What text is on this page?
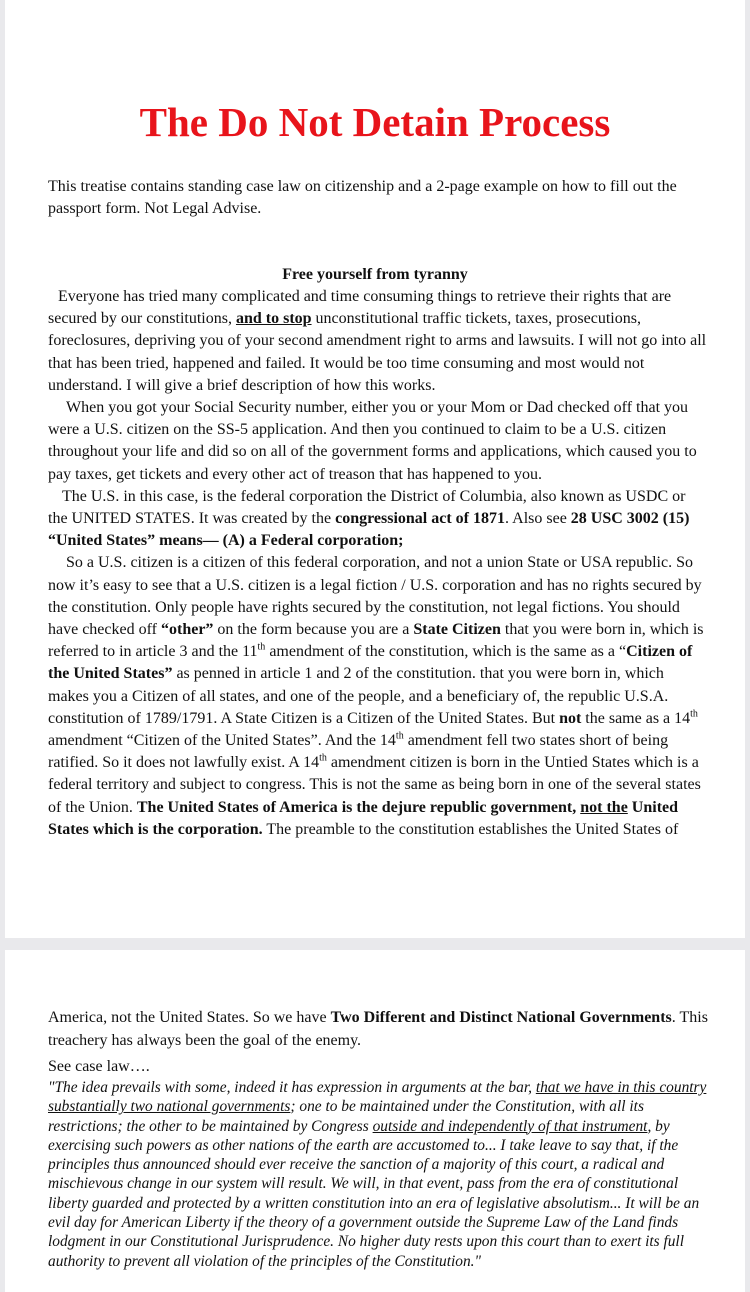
The Do Not Detain Process
This treatise contains standing case law on citizenship and a 2-page example on how to fill out the passport form. Not Legal Advise.
Free yourself from tyranny

Everyone has tried many complicated and time consuming things to retrieve their rights that are secured by our constitutions, and to stop unconstitutional traffic tickets, taxes, prosecutions, foreclosures, depriving you of your second amendment right to arms and lawsuits. I will not go into all that has been tried, happened and failed. It would be too time consuming and most would not understand. I will give a brief description of how this works.

When you got your Social Security number, either you or your Mom or Dad checked off that you were a U.S. citizen on the SS-5 application. And then you continued to claim to be a U.S. citizen throughout your life and did so on all of the government forms and applications, which caused you to pay taxes, get tickets and every other act of treason that has happened to you.

The U.S. in this case, is the federal corporation the District of Columbia, also known as USDC or the UNITED STATES. It was created by the congressional act of 1871. Also see 28 USC 3002 (15) “United States” means— (A) a Federal corporation;

So a U.S. citizen is a citizen of this federal corporation, and not a union State or USA republic. So now it’s easy to see that a U.S. citizen is a legal fiction / U.S. corporation and has no rights secured by the constitution. Only people have rights secured by the constitution, not legal fictions. You should have checked off “other” on the form because you are a State Citizen that you were born in, which is referred to in article 3 and the 11th amendment of the constitution, which is the same as a “Citizen of the United States” as penned in article 1 and 2 of the constitution. that you were born in, which makes you a Citizen of all states, and one of the people, and a beneficiary of, the republic U.S.A. constitution of 1789/1791. A State Citizen is a Citizen of the United States. But not the same as a 14th amendment “Citizen of the United States”. And the 14th amendment fell two states short of being ratified. So it does not lawfully exist. A 14th amendment citizen is born in the Untied States which is a federal territory and subject to congress. This is not the same as being born in one of the several states of the Union. The United States of America is the dejure republic government, not the United States which is the corporation. The preamble to the constitution establishes the United States of

America, not the United States. So we have Two Different and Distinct National Governments. This treachery has always been the goal of the enemy.

See case law….
"The idea prevails with some, indeed it has expression in arguments at the bar, that we have in this country substantially two national governments; one to be maintained under the Constitution, with all its restrictions; the other to be maintained by Congress outside and independently of that instrument, by exercising such powers as other nations of the earth are accustomed to... I take leave to say that, if the principles thus announced should ever receive the sanction of a majority of this court, a radical and mischievous change in our system will result. We will, in that event, pass from the era of constitutional liberty guarded and protected by a written constitution into an era of legislative absolutism... It will be an evil day for American Liberty if the theory of a government outside the Supreme Law of the Land finds lodgment in our Constitutional Jurisprudence. No higher duty rests upon this court than to exert its full authority to prevent all violation of the principles of the Constitution."
